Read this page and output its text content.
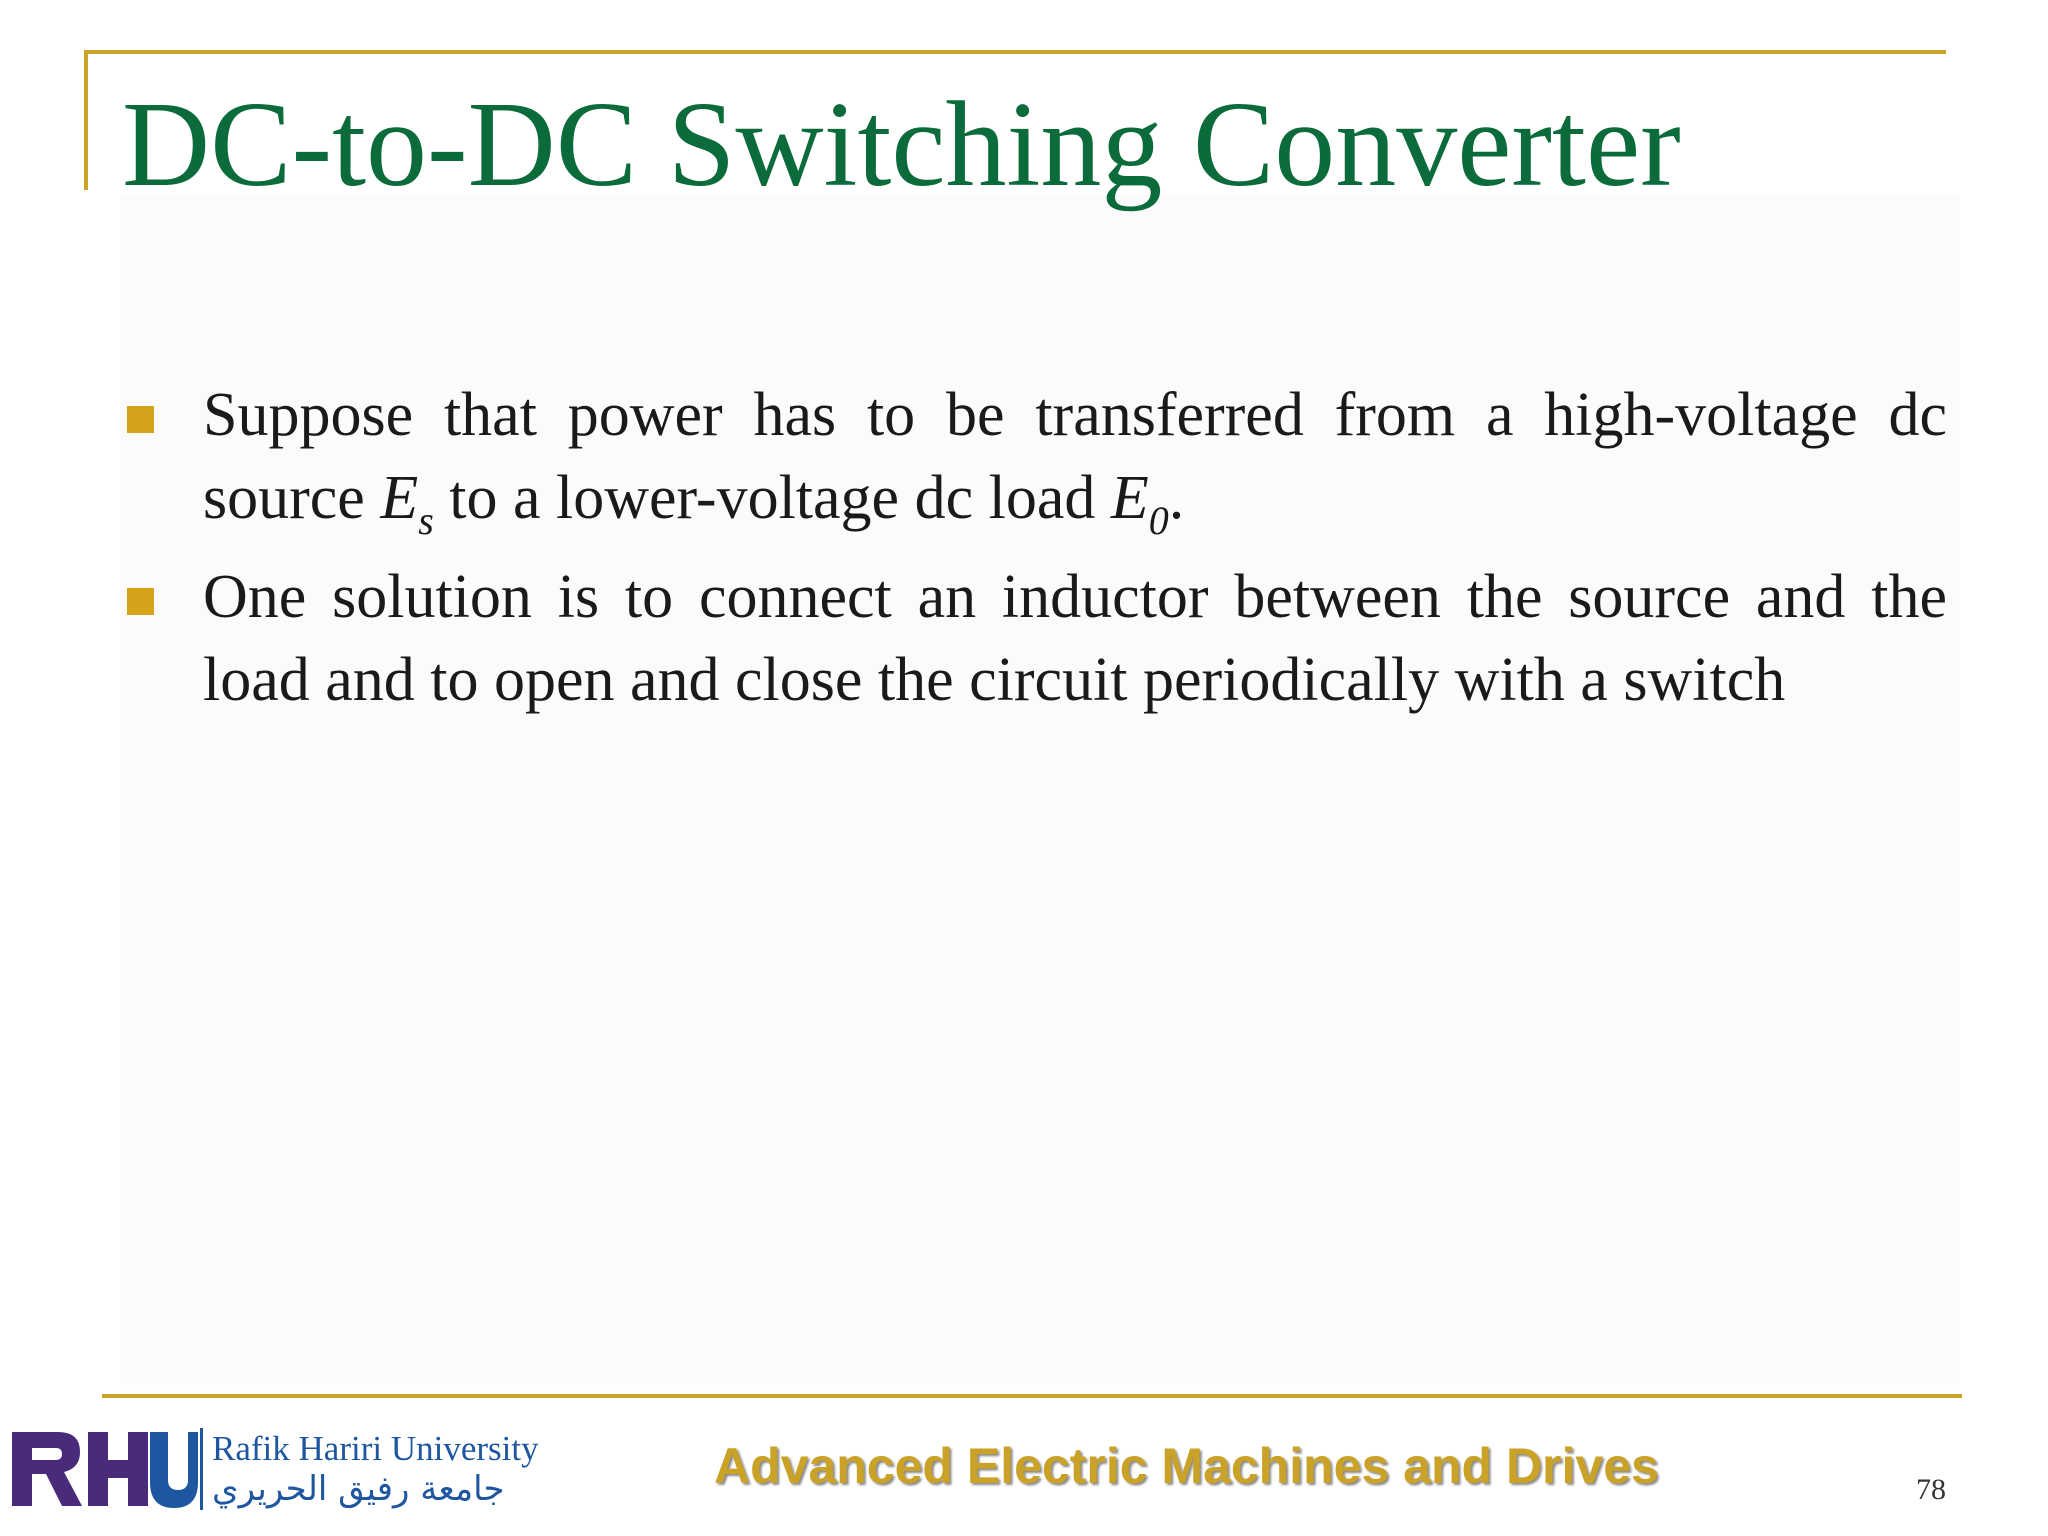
DC-to-DC Switching Converter

Suppose that power has to be transferred from a high-voltage dc source $E_s$ to a lower-voltage dc load $E_0$.

One solution is to connect an inductor between the source and the load and to open and close the circuit periodically with a switch

Rafik Hariri University

جامعة رفيق الحريري	Advanced Electric Machines and Drives	78
